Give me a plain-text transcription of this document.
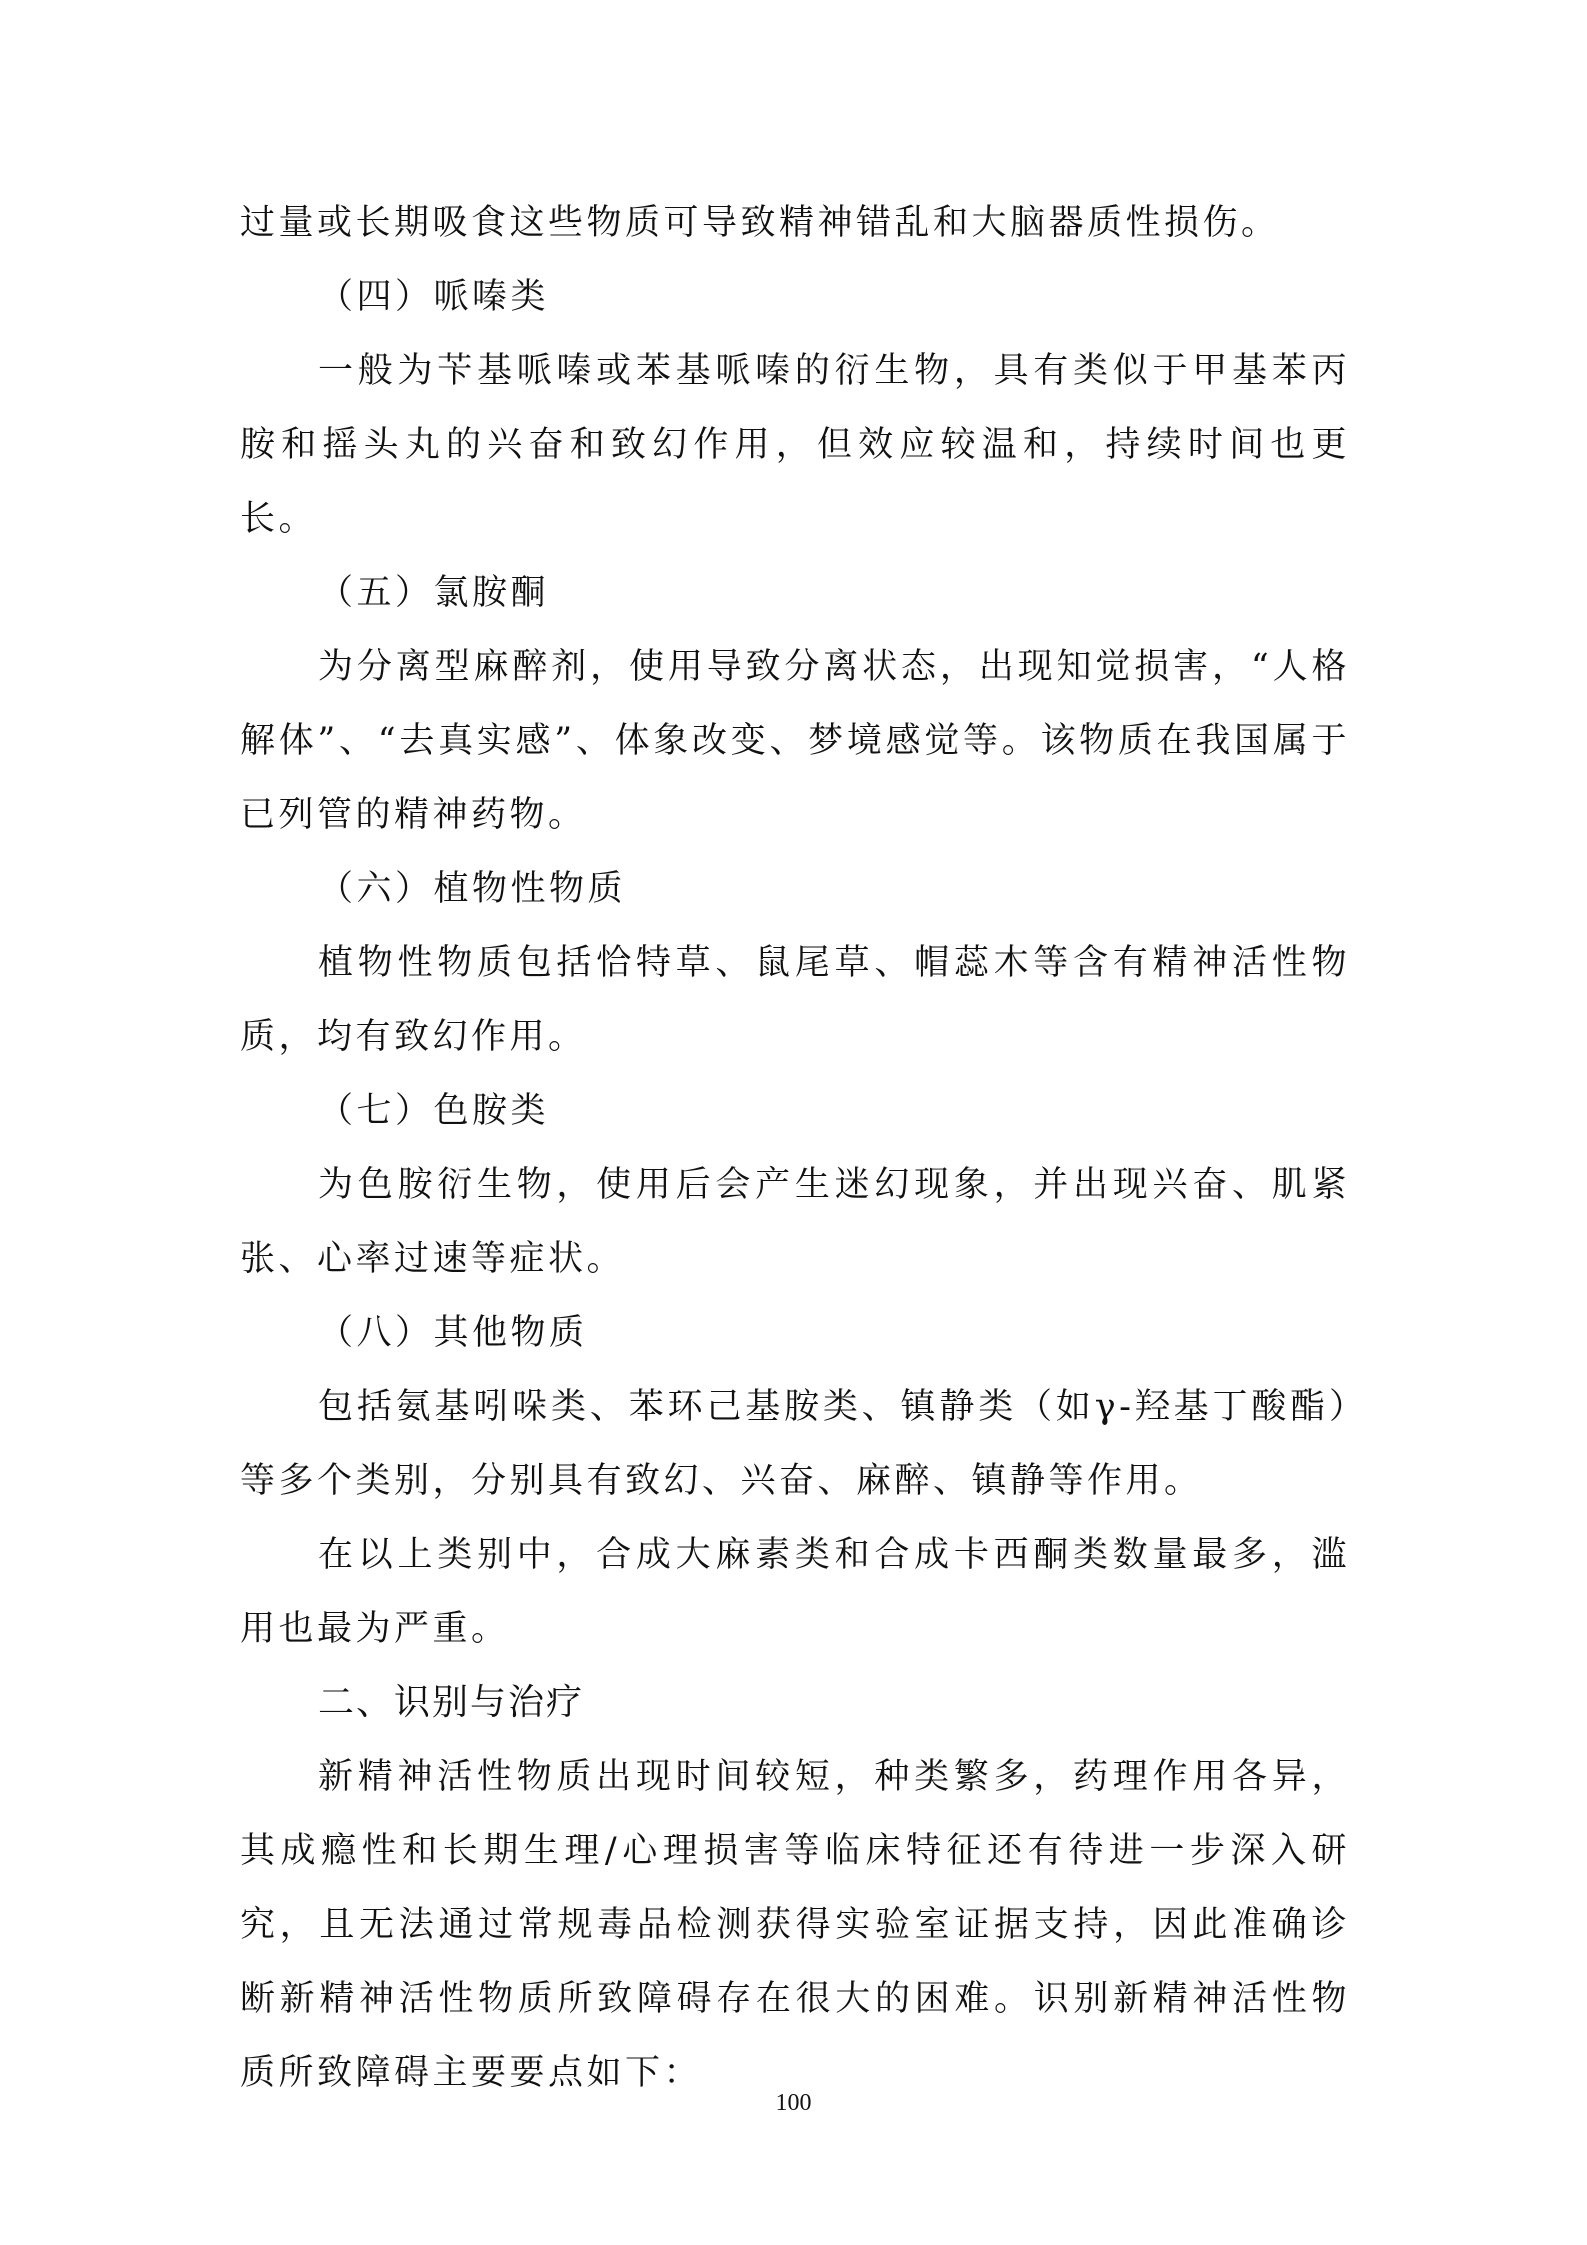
过量或长期吸食这些物质可导致精神错乱和大脑器质性损伤。

（四）哌嗪类

一般为苄基哌嗪或苯基哌嗪的衍生物，具有类似于甲基苯丙胺和摇头丸的兴奋和致幻作用，但效应较温和，持续时间也更长。

（五）氯胺酮

为分离型麻醉剂，使用导致分离状态，出现知觉损害，“人格解体”、“去真实感”、体象改变、梦境感觉等。该物质在我国属于已列管的精神药物。

（六）植物性物质

植物性物质包括恰特草、鼠尾草、帽蕊木等含有精神活性物质，均有致幻作用。

（七）色胺类

为色胺衍生物，使用后会产生迷幻现象，并出现兴奋、肌紧张、心率过速等症状。

（八）其他物质

包括氨基吲哚类、苯环己基胺类、镇静类（如γ-羟基丁酸酯）等多个类别，分别具有致幻、兴奋、麻醉、镇静等作用。

在以上类别中，合成大麻素类和合成卡西酮类数量最多，滥用也最为严重。

二、识别与治疗

新精神活性物质出现时间较短，种类繁多，药理作用各异，其成瘾性和长期生理/心理损害等临床特征还有待进一步深入研究，且无法通过常规毒品检测获得实验室证据支持，因此准确诊断新精神活性物质所致障碍存在很大的困难。识别新精神活性物质所致障碍主要要点如下：

100
